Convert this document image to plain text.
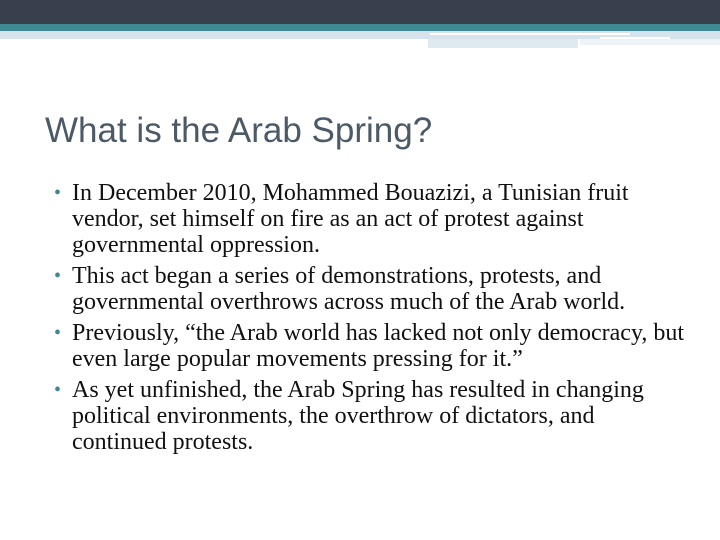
What is the Arab Spring?
• In December 2010, Mohammed Bouazizi, a Tunisian fruit vendor, set himself on fire as an act of protest against governmental oppression.
• This act began a series of demonstrations, protests, and governmental overthrows across much of the Arab world.
• Previously, “the Arab world has lacked not only democracy, but even large popular movements pressing for it.”
• As yet unfinished, the Arab Spring has resulted in changing political environments, the overthrow of dictators, and continued protests.
